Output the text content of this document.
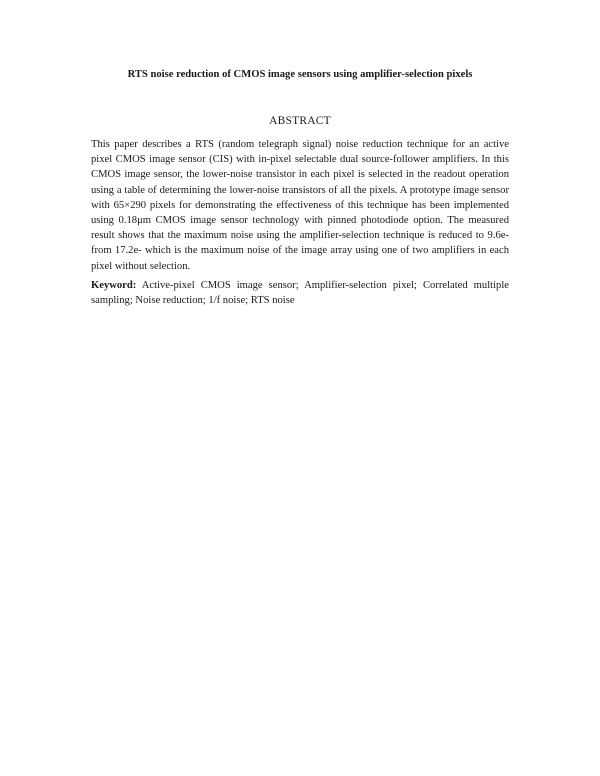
RTS noise reduction of CMOS image sensors using amplifier-selection pixels
ABSTRACT

This paper describes a RTS (random telegraph signal) noise reduction technique for an active pixel CMOS image sensor (CIS) with in-pixel selectable dual source-follower amplifiers. In this CMOS image sensor, the lower-noise transistor in each pixel is selected in the readout operation using a table of determining the lower-noise transistors of all the pixels. A prototype image sensor with 65×290 pixels for demonstrating the effectiveness of this technique has been implemented using 0.18μm CMOS image sensor technology with pinned photodiode option. The measured result shows that the maximum noise using the amplifier-selection technique is reduced to 9.6e- from 17.2e- which is the maximum noise of the image array using one of two amplifiers in each pixel without selection.

Keyword: Active-pixel CMOS image sensor; Amplifier-selection pixel; Correlated multiple sampling; Noise reduction; 1/f noise; RTS noise
